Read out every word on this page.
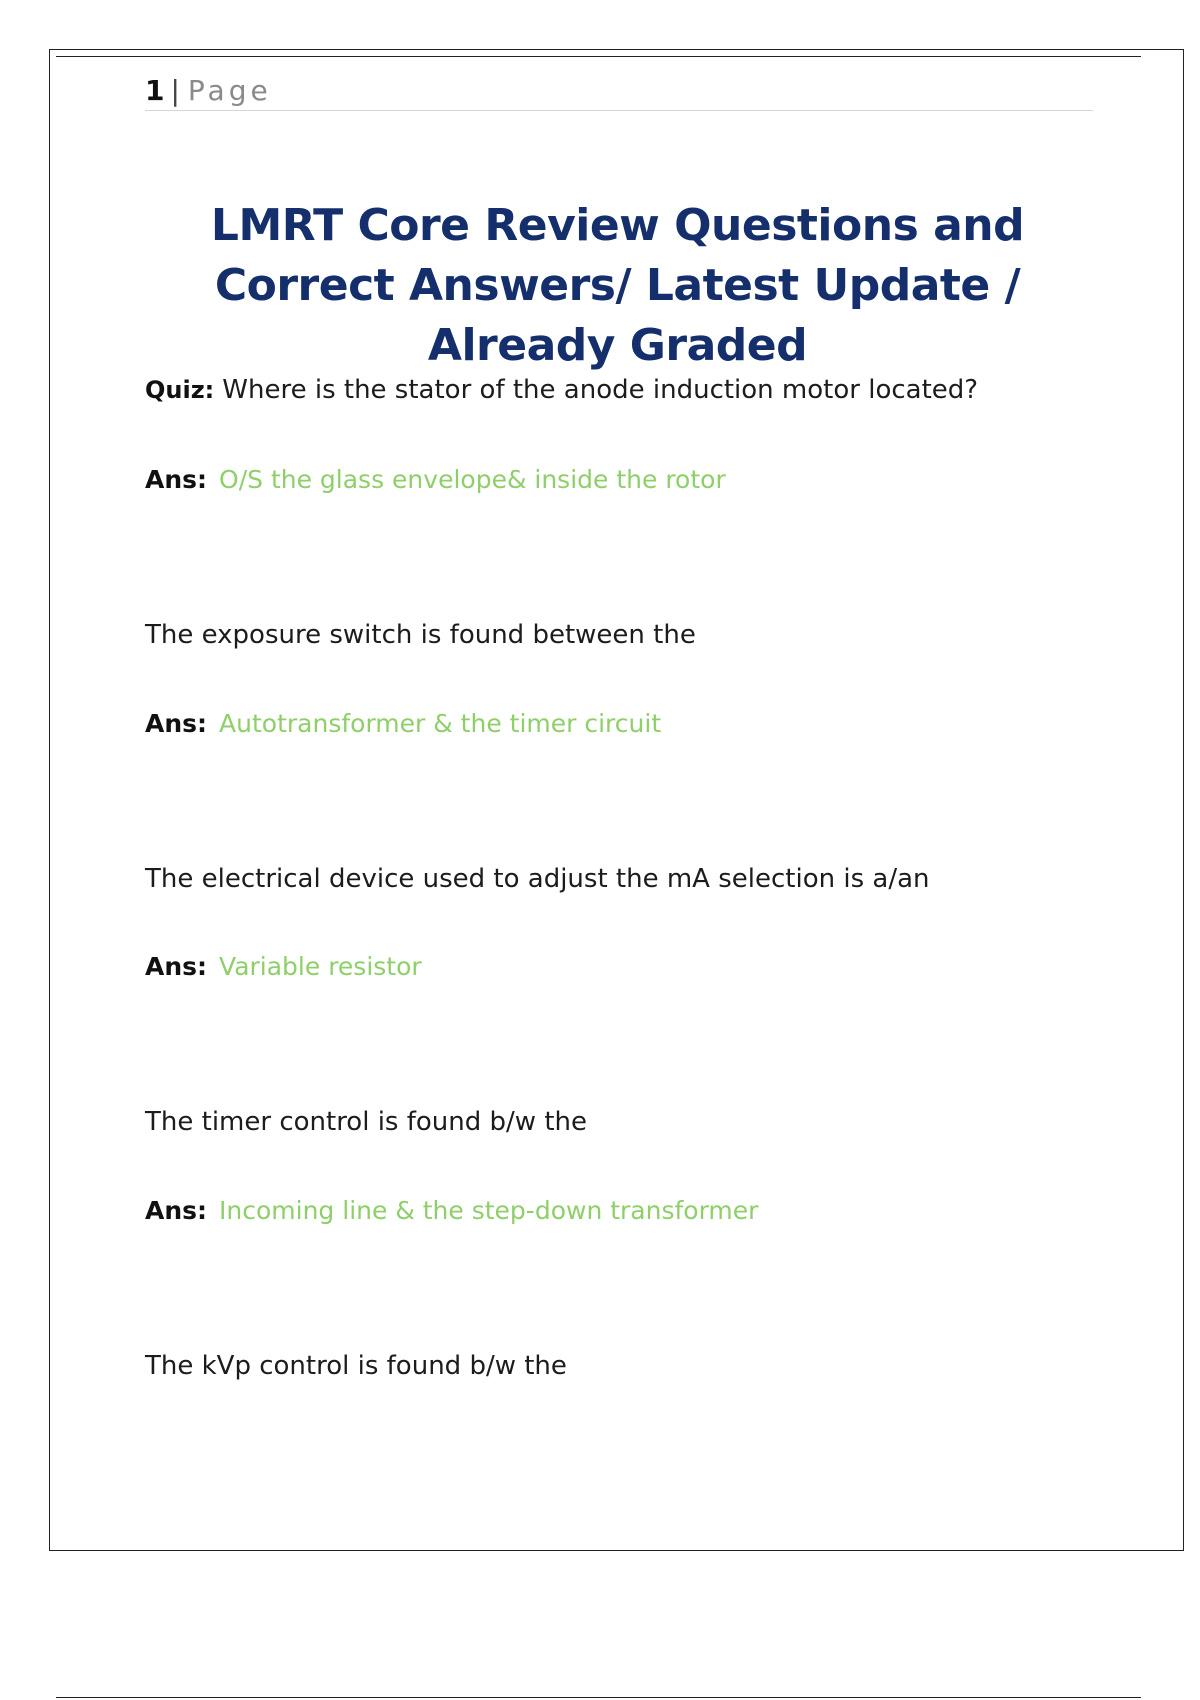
1 | Page
LMRT Core Review Questions and Correct Answers/ Latest Update / Already Graded
Quiz: Where is the stator of the anode induction motor located?
Ans: O/S the glass envelope& inside the rotor
The exposure switch is found between the
Ans: Autotransformer & the timer circuit
The electrical device used to adjust the mA selection is a/an
Ans: Variable resistor
The timer control is found b/w the
Ans: Incoming line & the step-down transformer
The kVp control is found b/w the
